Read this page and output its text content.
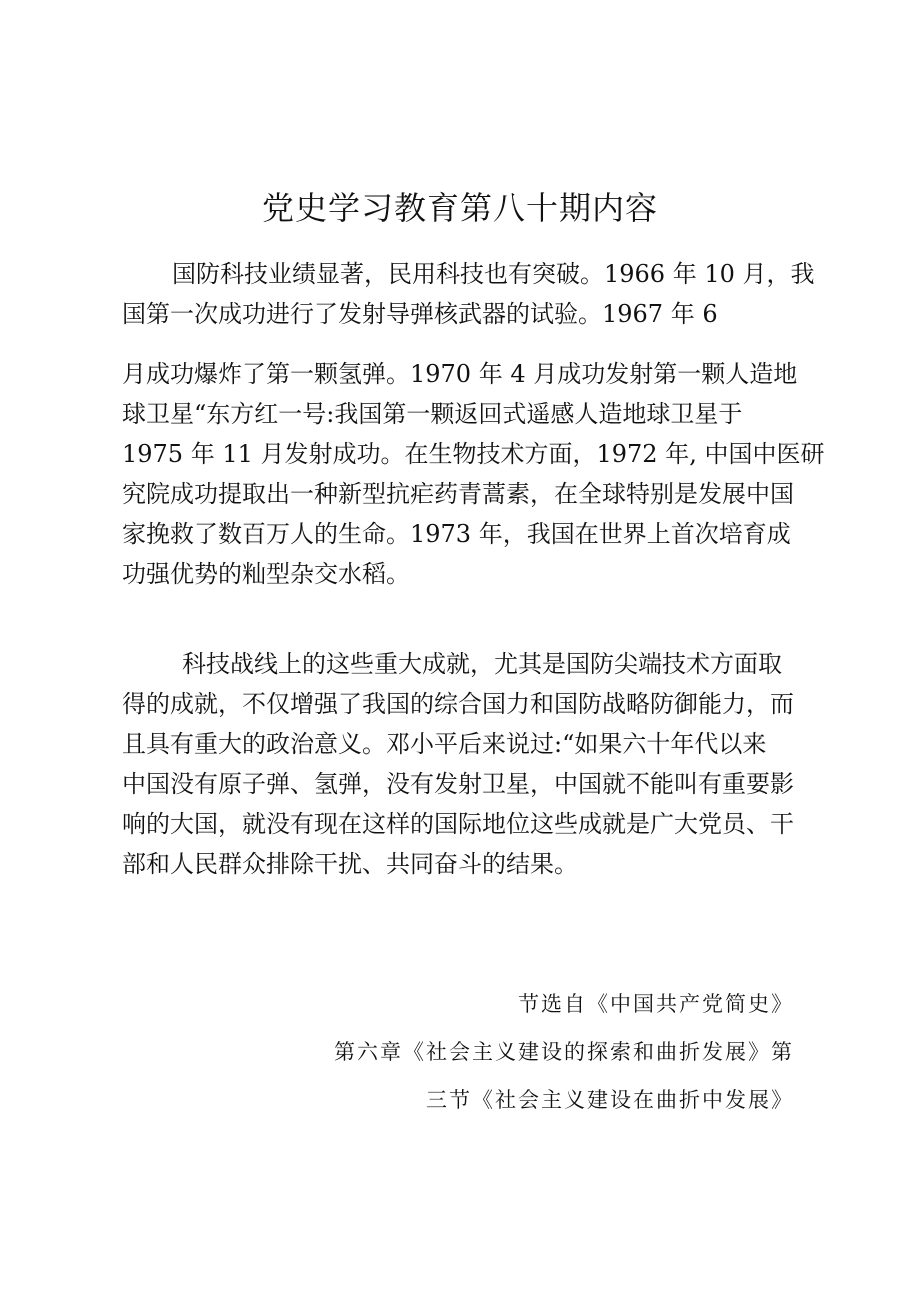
党史学习教育第八十期内容
国防科技业绩显著，民用科技也有突破。1966 年 10 月，我
国第一次成功进行了发射导弹核武器的试验。1967 年 6
月成功爆炸了第一颗氢弹。1970 年 4 月成功发射第一颗人造地
球卫星“东方红一号:我国第一颗返回式遥感人造地球卫星于
1975 年 11 月发射成功。在生物技术方面，1972 年, 中国中医研
究院成功提取出一种新型抗疟药青蒿素，在全球特别是发展中国
家挽救了数百万人的生命。1973 年，我国在世界上首次培育成
功强优势的籼型杂交水稻。
科技战线上的这些重大成就，尤其是国防尖端技术方面取
得的成就，不仅增强了我国的综合国力和国防战略防御能力，而
且具有重大的政治意义。邓小平后来说过:“如果六十年代以来
中国没有原子弹、氢弹，没有发射卫星，中国就不能叫有重要影
响的大国，就没有现在这样的国际地位这些成就是广大党员、干
部和人民群众排除干扰、共同奋斗的结果。
节选自《中国共产党简史》
第六章《社会主义建设的探索和曲折发展》第
三节《社会主义建设在曲折中发展》
